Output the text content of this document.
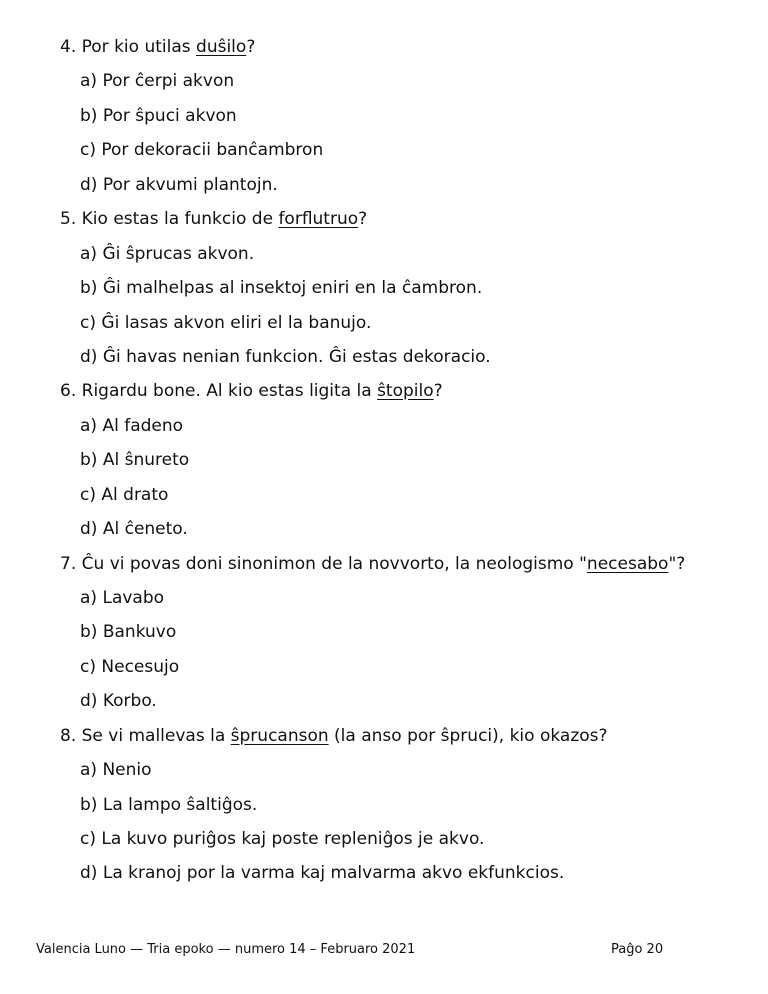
4. Por kio utilas duŝilo?
a) Por ĉerpi akvon
b) Por ŝpuci akvon
c) Por dekoracii banĉambron
d) Por akvumi plantojn.
5. Kio estas la funkcio de forflutruo?
a) Ĝi ŝprucas akvon.
b) Ĝi malhelpas al insektoj eniri en la ĉambron.
c) Ĝi lasas akvon eliri el la banujo.
d) Ĝi havas nenian funkcion. Ĝi estas dekoracio.
6. Rigardu bone. Al kio estas ligita la ŝtopilo?
a) Al fadeno
b) Al ŝnureto
c) Al drato
d) Al ĉeneto.
7. Ĉu vi povas doni sinonimon de la novvorto, la neologismo "necesabo"?
a) Lavabo
b) Bankuvo
c) Necesujo
d) Korbo.
8. Se vi mallevas la ŝprucanson (la anso por ŝpruci), kio okazos?
a) Nenio
b) La lampo ŝaltiĝos.
c) La kuvo puriĝos kaj poste repleniĝos je akvo.
d) La kranoj por la varma kaj malvarma akvo ekfunkcios.
Valencia Luno — Tria epoko — numero 14 – Februaro 2021	Paĝo 20
